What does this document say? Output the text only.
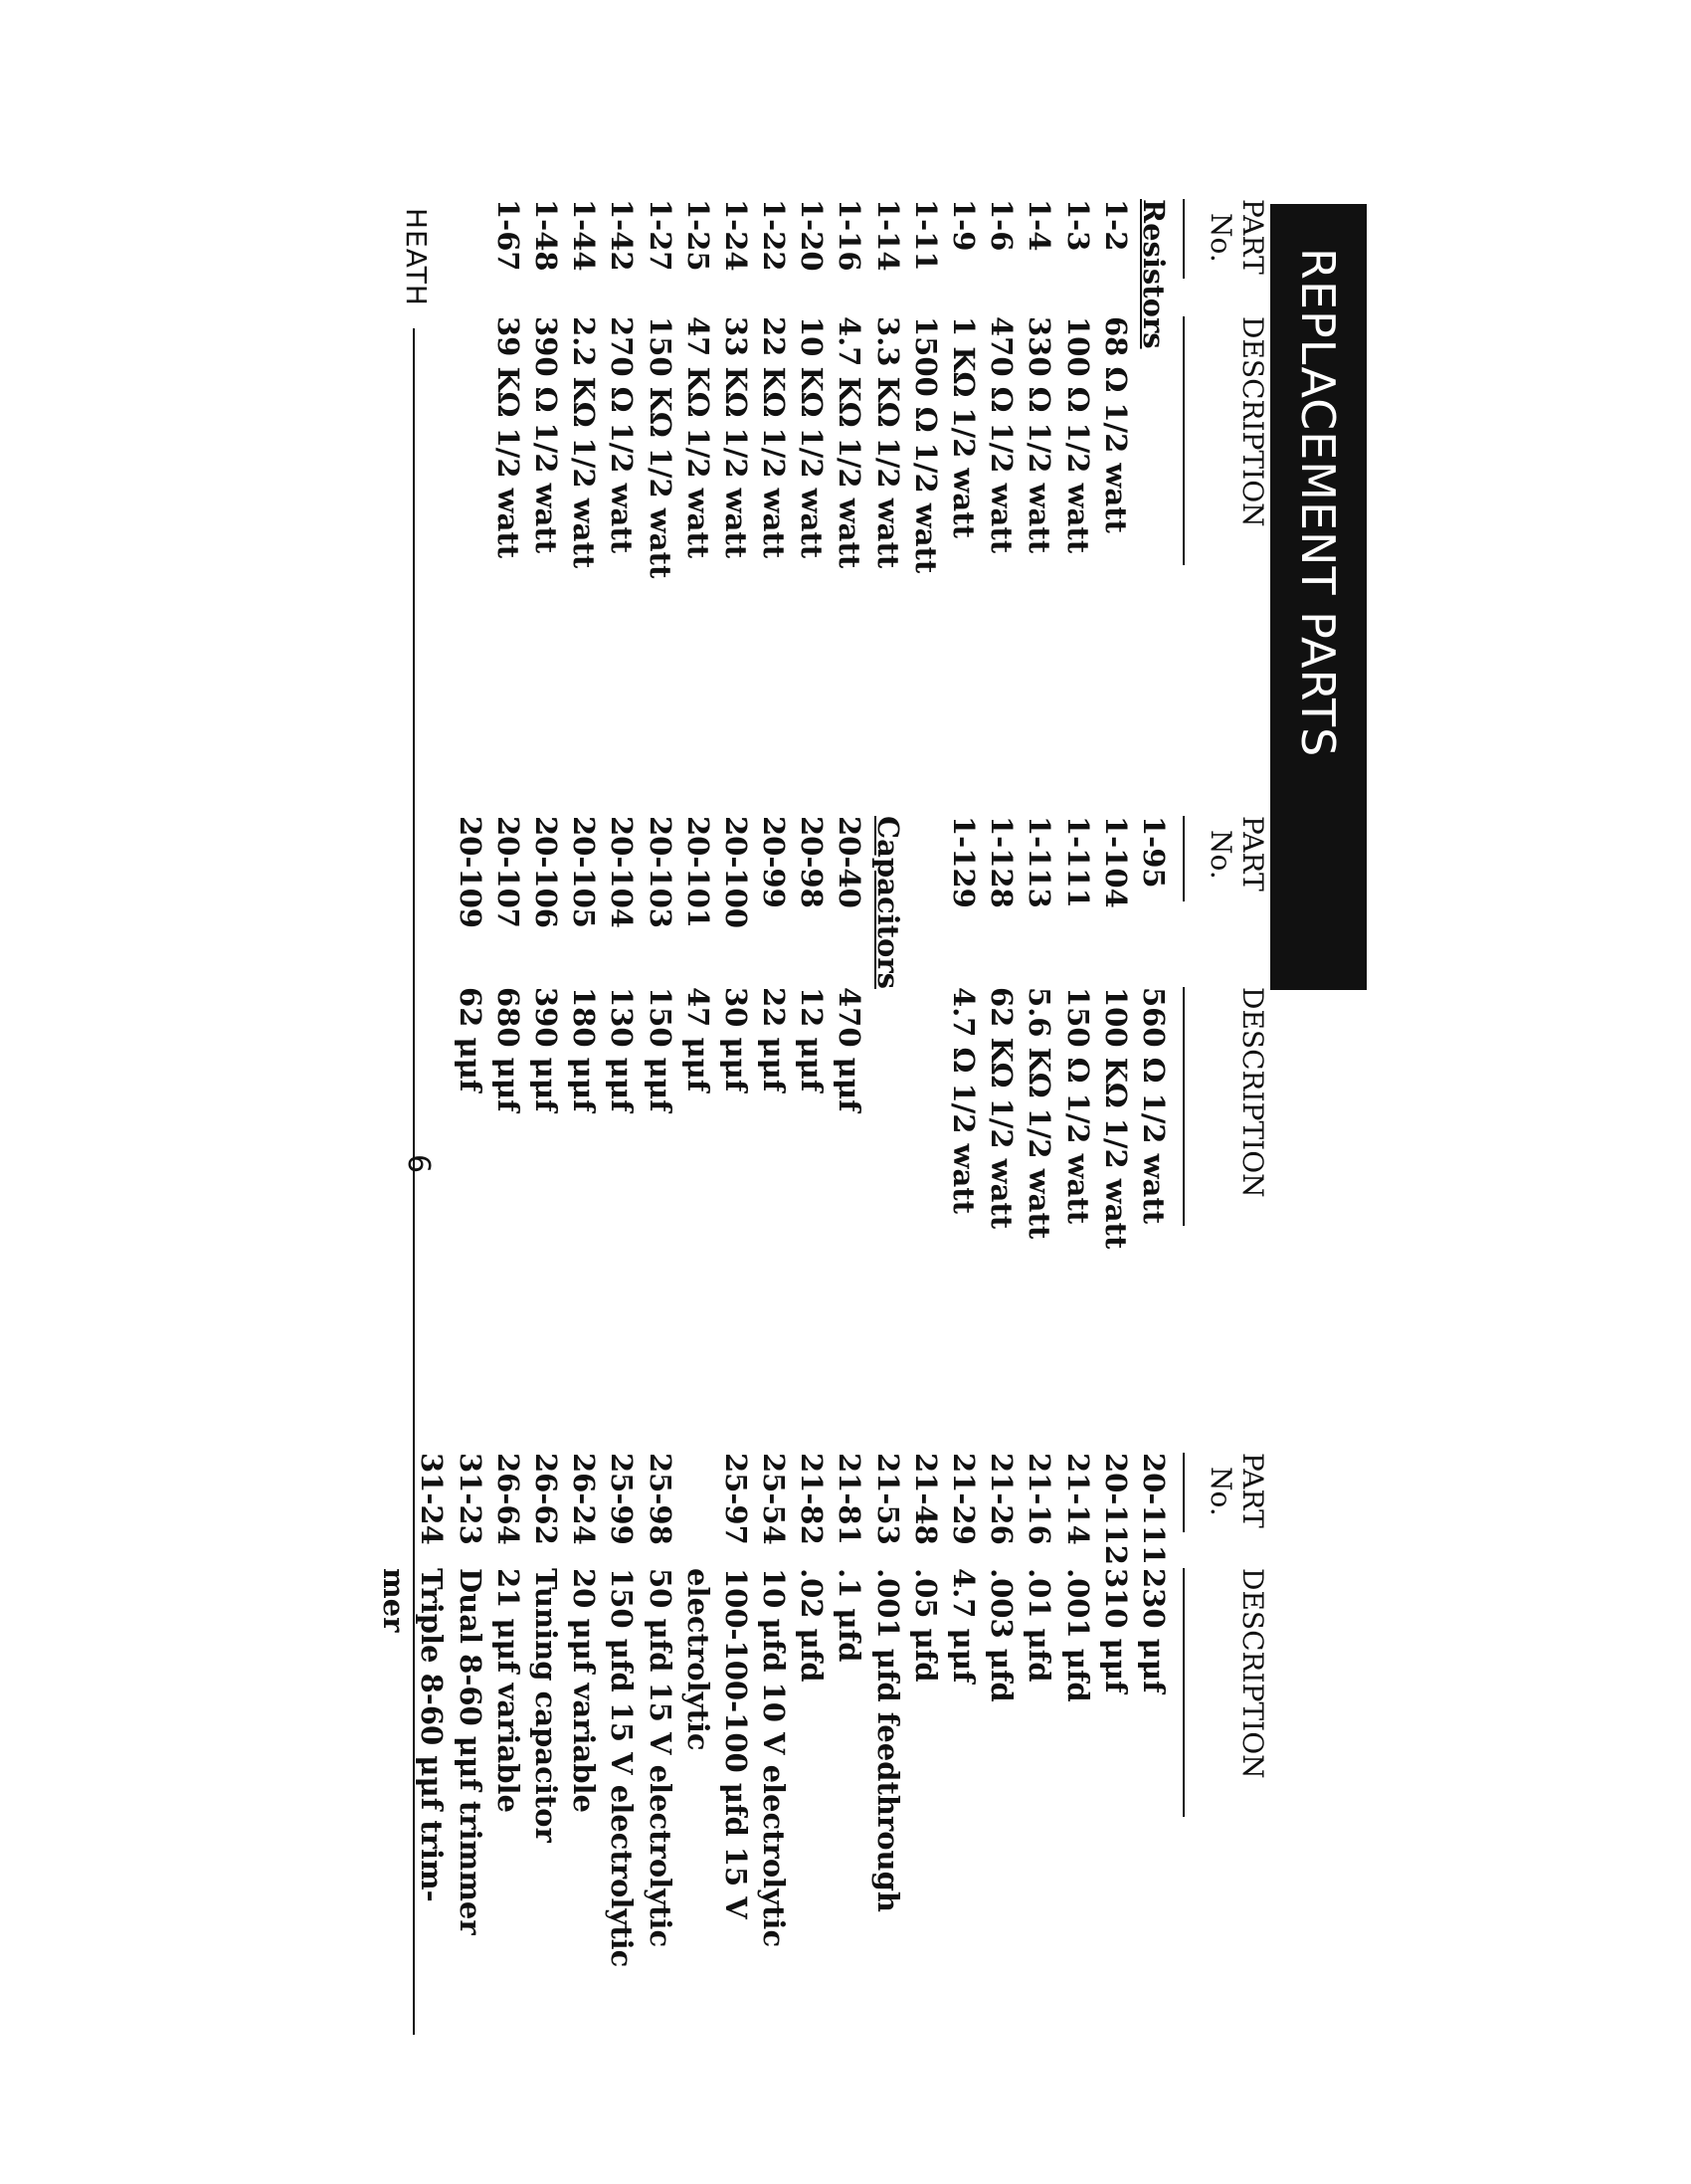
REPLACEMENT PARTS
PART
No.
DESCRIPTION
Resistors
1-2
68 Ω 1/2 watt
1-3
100 Ω 1/2 watt
1-4
330 Ω 1/2 watt
1-6
470 Ω 1/2 watt
1-9
1 KΩ 1/2 watt
1-11
1500 Ω 1/2 watt
1-14
3.3 KΩ 1/2 watt
1-16
4.7 KΩ 1/2 watt
1-20
10 KΩ 1/2 watt
1-22
22 KΩ 1/2 watt
1-24
33 KΩ 1/2 watt
1-25
47 KΩ 1/2 watt
1-27
150 KΩ 1/2 watt
1-42
270 Ω 1/2 watt
1-44
2.2 KΩ 1/2 watt
1-48
390 Ω 1/2 watt
1-67
39 KΩ 1/2 watt
PART
No.
DESCRIPTION
1-95
560 Ω 1/2 watt
1-104
100 KΩ 1/2 watt
1-111
150 Ω 1/2 watt
1-113
5.6 KΩ 1/2 watt
1-128
62 KΩ 1/2 watt
1-129
4.7 Ω 1/2 watt
Capacitors
20-40
470 μμf
20-98
12 μμf
20-99
22 μμf
20-100
30 μμf
20-101
47 μμf
20-103
150 μμf
20-104
130 μμf
20-105
180 μμf
20-106
390 μμf
20-107
680 μμf
20-109
62 μμf
PART
No.
DESCRIPTION
20-111
230 μμf
20-112
310 μμf
21-14
.001 μfd
21-16
.01 μfd
21-26
.003 μfd
21-29
4.7 μμf
21-48
.05 μfd
21-53
.001 μfd feedthrough
21-81
.1 μfd
21-82
.02 μfd
25-54
10 μfd 10 V electrolytic
25-97
100-100-100 μfd 15 V
electrolytic
25-98
50 μfd 15 V electrolytic
25-99
150 μfd 15 V electrolytic
26-24
20 μμf variable
26-62
Tuning capacitor
26-64
21 μμf variable
31-23
Dual 8-60 μμf trimmer
31-24
Triple 8-60 μμf trim-
mer
HEATH
6
